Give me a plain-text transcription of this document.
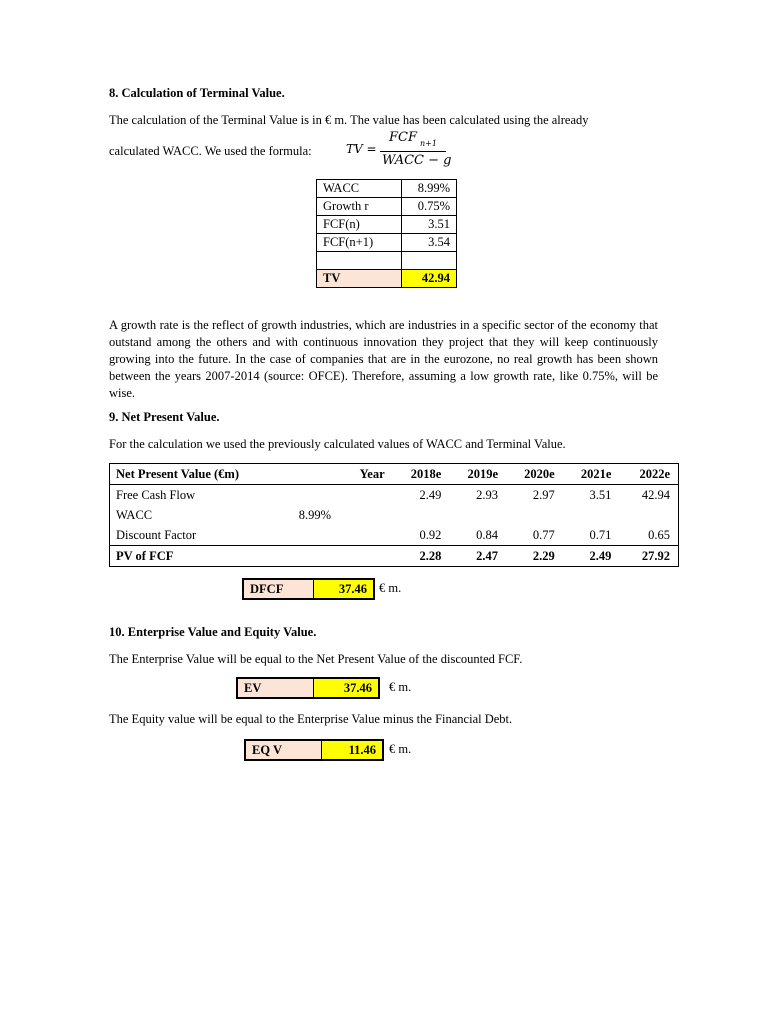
8. Calculation of Terminal Value.
The calculation of the Terminal Value is in € m. The value has been calculated using the already
calculated WACC. We used the formula:	TV =
FCF n+1
WACC − g
WACC	8.99%
Growth r	0.75%
FCF(n)	3.51
FCF(n+1)	3.54

TV	42.94
A growth rate is the reflect of growth industries, which are industries in a specific sector of the economy that outstand among the others and with continuous innovation they project that they will keep continuously growing into the future. In the case of companies that are in the eurozone, no real growth has been shown between the years 2007-2014 (source: OFCE). Therefore, assuming a low growth rate, like 0.75%, will be wise.
9. Net Present Value.
For the calculation we used the previously calculated values of WACC and Terminal Value.
Net Present Value (€m)		Year	2018e	2019e	2020e	2021e	2022e
Free Cash Flow			2.49	2.93	2.97	3.51	42.94
WACC	8.99%						
Discount Factor			0.92	0.84	0.77	0.71	0.65
PV of FCF			2.28	2.47	2.29	2.49	27.92
DFCF	37.46 € m.
10. Enterprise Value and Equity Value.
The Enterprise Value will be equal to the Net Present Value of the discounted FCF.
EV	37.46	€ m.
The Equity value will be equal to the Enterprise Value minus the Financial Debt.
EQ V	11.46	€ m.
